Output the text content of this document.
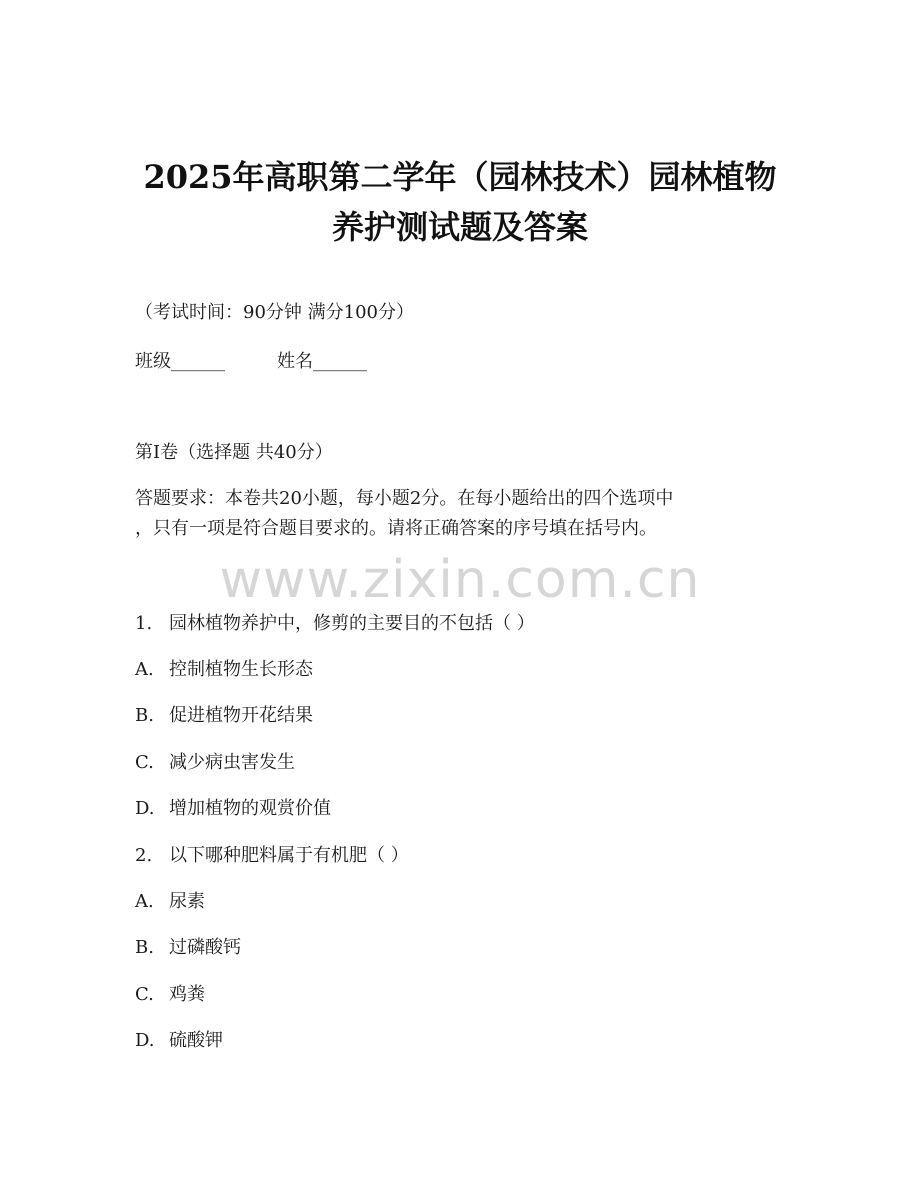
2025年高职第二学年（园林技术）园林植物
养护测试题及答案
（考试时间：90分钟 满分100分）
班级______	姓名______
第I卷（选择题 共40分）
答题要求：本卷共20小题，每小题2分。在每小题给出的四个选项中
，只有一项是符合题目要求的。请将正确答案的序号填在括号内。
www.zixin.com.cn
1. 园林植物养护中，修剪的主要目的不包括（ ）
A. 控制植物生长形态
B. 促进植物开花结果
C. 减少病虫害发生
D. 增加植物的观赏价值
2. 以下哪种肥料属于有机肥（ ）
A. 尿素
B. 过磷酸钙
C. 鸡粪
D. 硫酸钾
